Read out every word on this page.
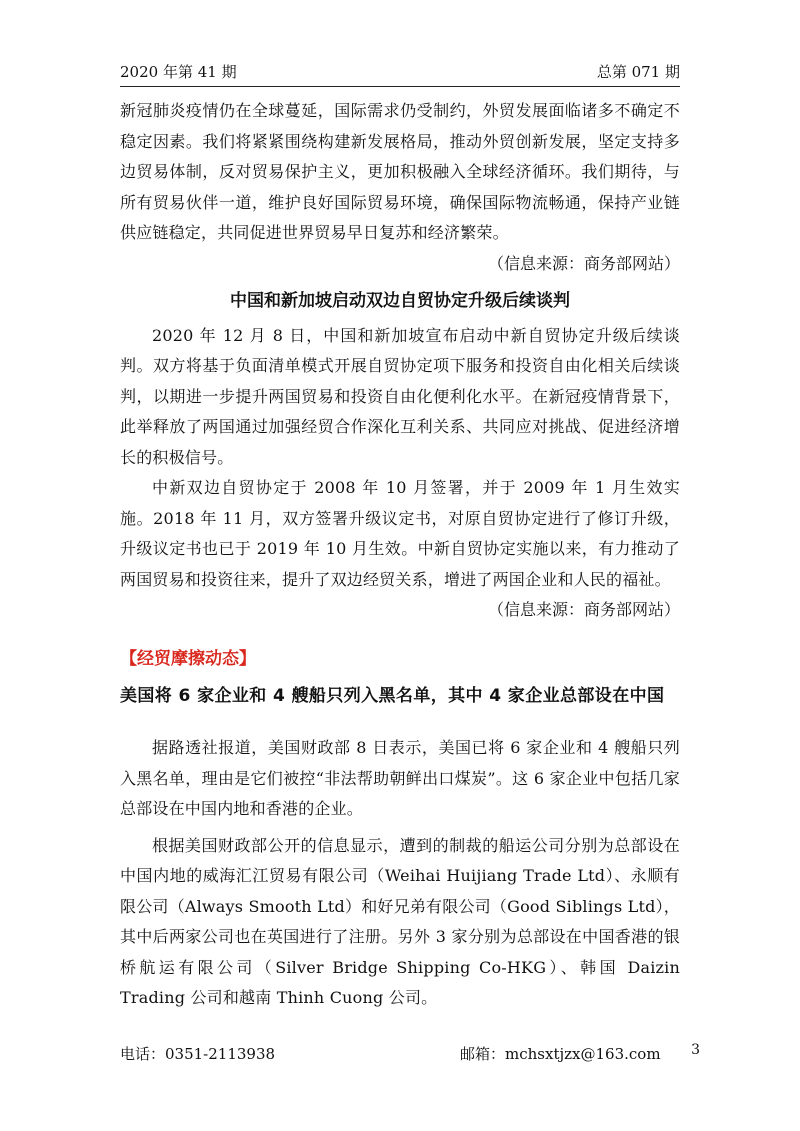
2020 年第 41 期	总第 071 期

新冠肺炎疫情仍在全球蔓延，国际需求仍受制约，外贸发展面临诸多不确定不稳定因素。我们将紧紧围绕构建新发展格局，推动外贸创新发展，坚定支持多边贸易体制，反对贸易保护主义，更加积极融入全球经济循环。我们期待，与所有贸易伙伴一道，维护良好国际贸易环境，确保国际物流畅通，保持产业链供应链稳定，共同促进世界贸易早日复苏和经济繁荣。

（信息来源：商务部网站）

中国和新加坡启动双边自贸协定升级后续谈判

2020 年 12 月 8 日，中国和新加坡宣布启动中新自贸协定升级后续谈判。双方将基于负面清单模式开展自贸协定项下服务和投资自由化相关后续谈判，以期进一步提升两国贸易和投资自由化便利化水平。在新冠疫情背景下，此举释放了两国通过加强经贸合作深化互利关系、共同应对挑战、促进经济增长的积极信号。

中新双边自贸协定于 2008 年 10 月签署，并于 2009 年 1 月生效实施。2018 年 11 月，双方签署升级议定书，对原自贸协定进行了修订升级，升级议定书也已于 2019 年 10 月生效。中新自贸协定实施以来，有力推动了两国贸易和投资往来，提升了双边经贸关系，增进了两国企业和人民的福祉。

（信息来源：商务部网站）

【经贸摩擦动态】
美国将 6 家企业和 4 艘船只列入黑名单，其中 4 家企业总部设在中国

据路透社报道，美国财政部 8 日表示，美国已将 6 家企业和 4 艘船只列入黑名单，理由是它们被控“非法帮助朝鲜出口煤炭”。这 6 家企业中包括几家总部设在中国内地和香港的企业。

根据美国财政部公开的信息显示，遭到的制裁的船运公司分别为总部设在中国内地的威海汇江贸易有限公司（Weihai Huijiang Trade Ltd）、永顺有限公司（Always Smooth Ltd）和好兄弟有限公司（Good Siblings Ltd），其中后两家公司也在英国进行了注册。另外 3 家分别为总部设在中国香港的银桥航运有限公司（Silver Bridge Shipping Co-HKG）、韩国 Daizin Trading 公司和越南 Thinh Cuong 公司。

电话：0351-2113938	邮箱：mchsxtjzx@163.com 3
